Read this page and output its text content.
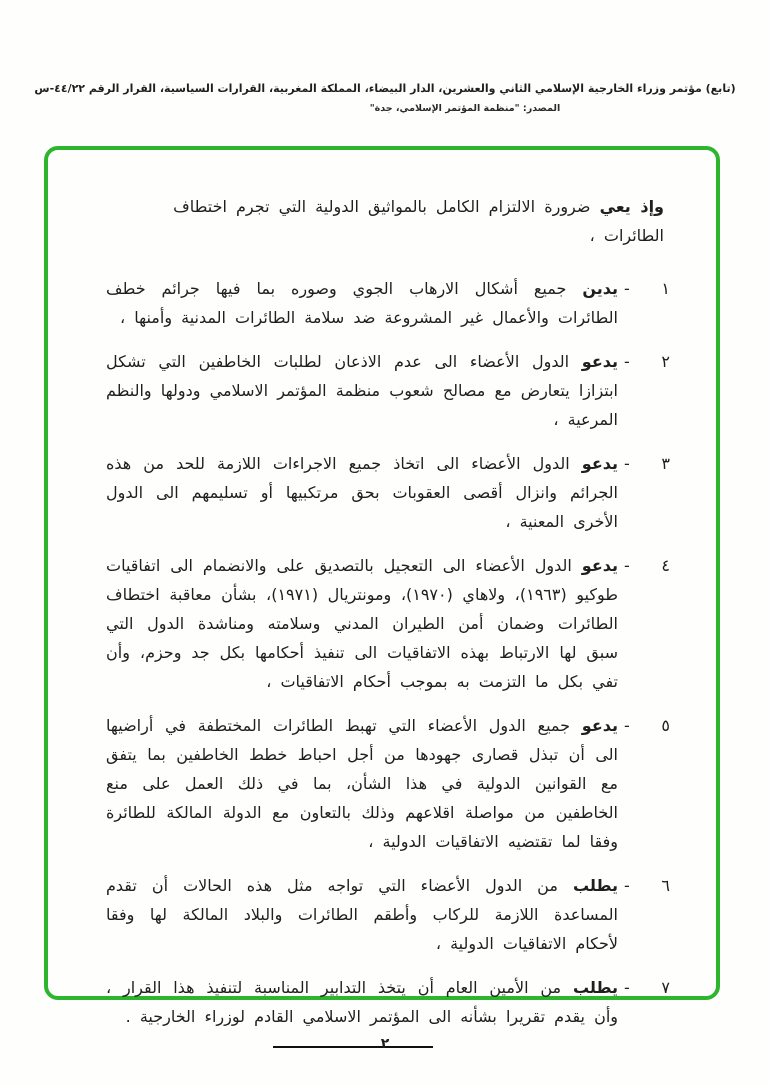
(تابع) مؤتمر وزراء الخارجية الإسلامي الثاني والعشرين، الدار البيضاء، المملكة المغربية، القرارات السياسية، القرار الرقم ٤٤/٢٢-س
المصدر: "منظمة المؤتمر الإسلامي، جدة"

وإذ يعي ضرورة الالتزام الكامل بالمواثيق الدولية التي تجرم اختطاف الطائرات ،

١
-
يدين جميع أشكال الارهاب الجوي وصوره بما فيها جرائم خطف الطائرات والأعمال غير المشروعة ضد سلامة الطائرات المدنية وأمنها ،
٢
-
يدعو الدول الأعضاء الى عدم الاذعان لطلبات الخاطفين التي تشكل ابتزازا يتعارض مع مصالح شعوب منظمة المؤتمر الاسلامي ودولها والنظم المرعية ،
٣
-
يدعو الدول الأعضاء الى اتخاذ جميع الاجراءات اللازمة للحد من هذه الجرائم وانزال أقصى العقوبات بحق مرتكبيها أو تسليمهم الى الدول الأخرى المعنية ،
٤
-
يدعو الدول الأعضاء الى التعجيل بالتصديق على والانضمام الى اتفاقيات طوكيو (١٩٦٣)، ولاهاي (١٩٧٠)، ومونتريال (١٩٧١)، بشأن معاقبة اختطاف الطائرات وضمان أمن الطيران المدني وسلامته ومناشدة الدول التي سبق لها الارتباط بهذه الاتفاقيات الى تنفيذ أحكامها بكل جد وحزم، وأن تفي بكل ما التزمت به بموجب أحكام الاتفاقيات ،
٥
-
يدعو جميع الدول الأعضاء التي تهبط الطائرات المختطفة في أراضيها الى أن تبذل قصارى جهودها من أجل احباط خطط الخاطفين بما يتفق مع القوانين الدولية في هذا الشأن، بما في ذلك العمل على منع الخاطفين من مواصلة اقلاعهم وذلك بالتعاون مع الدولة المالكة للطائرة وفقا لما تقتضيه الاتفاقيات الدولية ،
٦
-
يطلب من الدول الأعضاء التي تواجه مثل هذه الحالات أن تقدم المساعدة اللازمة للركاب وأطقم الطائرات والبلاد المالكة لها وفقا لأحكام الاتفاقيات الدولية ،
٧
-
يطلب من الأمين العام أن يتخذ التدابير المناسبة لتنفيذ هذا القرار ، وأن يقدم تقريرا بشأنه الى المؤتمر الاسلامي القادم لوزراء الخارجية .
٢
